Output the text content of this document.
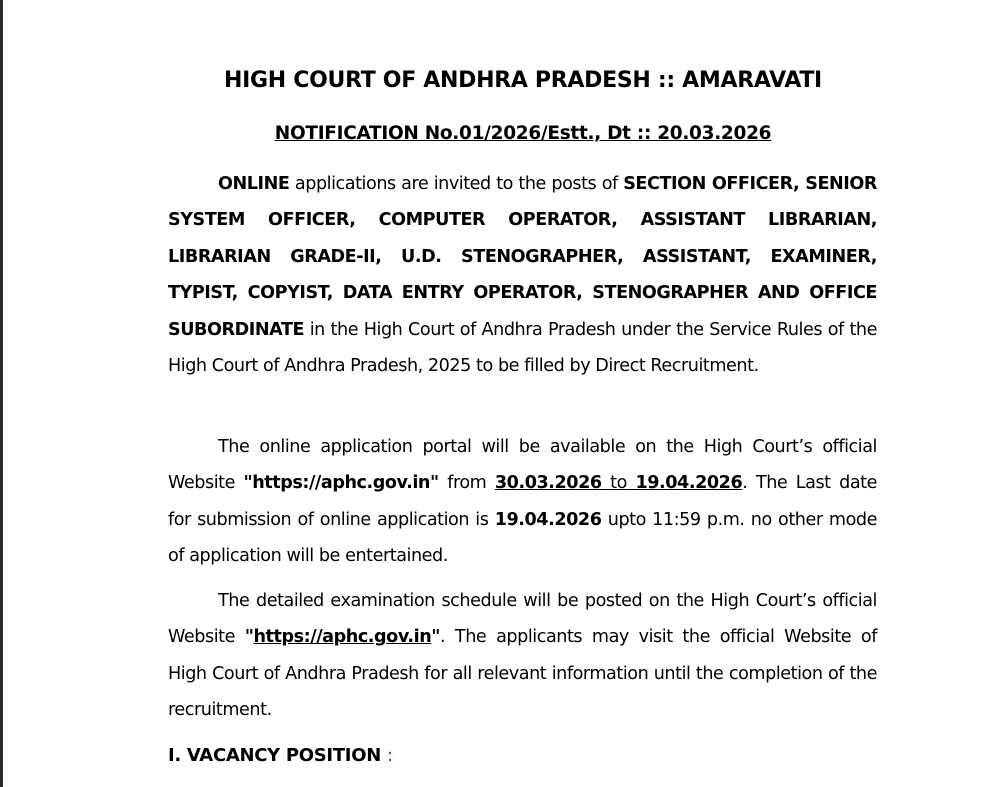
HIGH COURT OF ANDHRA PRADESH :: AMARAVATI
NOTIFICATION No.01/2026/Estt., Dt :: 20.03.2026
ONLINE applications are invited to the posts of SECTION OFFICER, SENIOR SYSTEM OFFICER, COMPUTER OPERATOR, ASSISTANT LIBRARIAN, LIBRARIAN GRADE-II, U.D. STENOGRAPHER, ASSISTANT, EXAMINER, TYPIST, COPYIST, DATA ENTRY OPERATOR, STENOGRAPHER AND OFFICE SUBORDINATE in the High Court of Andhra Pradesh under the Service Rules of the High Court of Andhra Pradesh, 2025 to be filled by Direct Recruitment.
The online application portal will be available on the High Court’s official Website "https://aphc.gov.in" from 30.03.2026 to 19.04.2026. The Last date for submission of online application is 19.04.2026 upto 11:59 p.m. no other mode of application will be entertained.
The detailed examination schedule will be posted on the High Court’s official Website "https://aphc.gov.in". The applicants may visit the official Website of High Court of Andhra Pradesh for all relevant information until the completion of the recruitment.
I. VACANCY POSITION :
